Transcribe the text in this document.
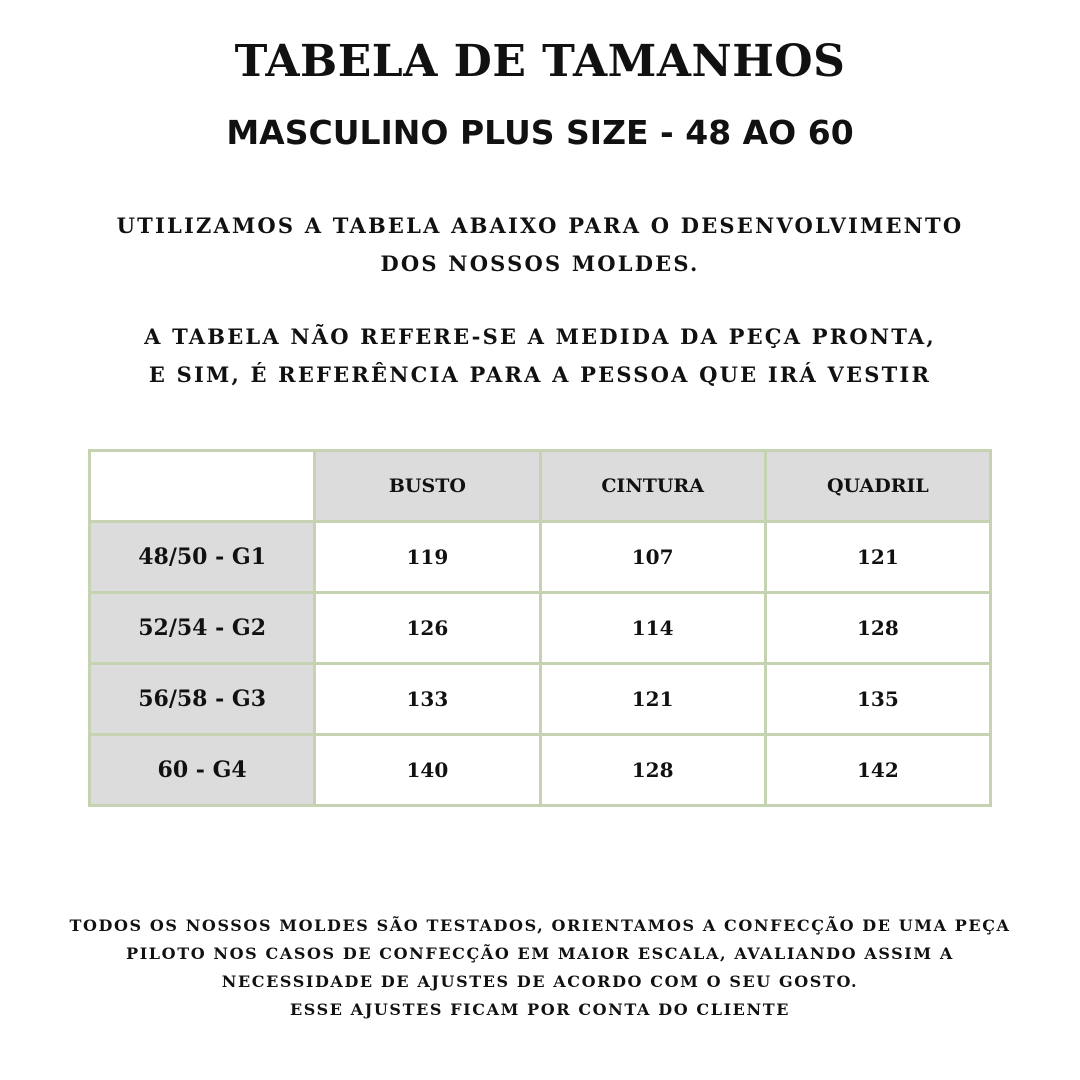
TABELA DE TAMANHOS
MASCULINO PLUS SIZE - 48 AO 60

UTILIZAMOS A TABELA ABAIXO PARA O DESENVOLVIMENTO
DOS NOSSOS MOLDES.

A TABELA NÃO REFERE-SE A MEDIDA DA PEÇA PRONTA,
E SIM, É REFERÊNCIA PARA A PESSOA QUE IRÁ VESTIR

	BUSTO	CINTURA	QUADRIL
48/50 - G1	119	107	121
52/54 - G2	126	114	128
56/58 - G3	133	121	135
60 - G4	140	128	142

TODOS OS NOSSOS MOLDES SÃO TESTADOS, ORIENTAMOS A CONFECÇÃO DE UMA PEÇA
PILOTO NOS CASOS DE CONFECÇÃO EM MAIOR ESCALA, AVALIANDO ASSIM A
NECESSIDADE DE AJUSTES DE ACORDO COM O SEU GOSTO.
ESSE AJUSTES FICAM POR CONTA DO CLIENTE
